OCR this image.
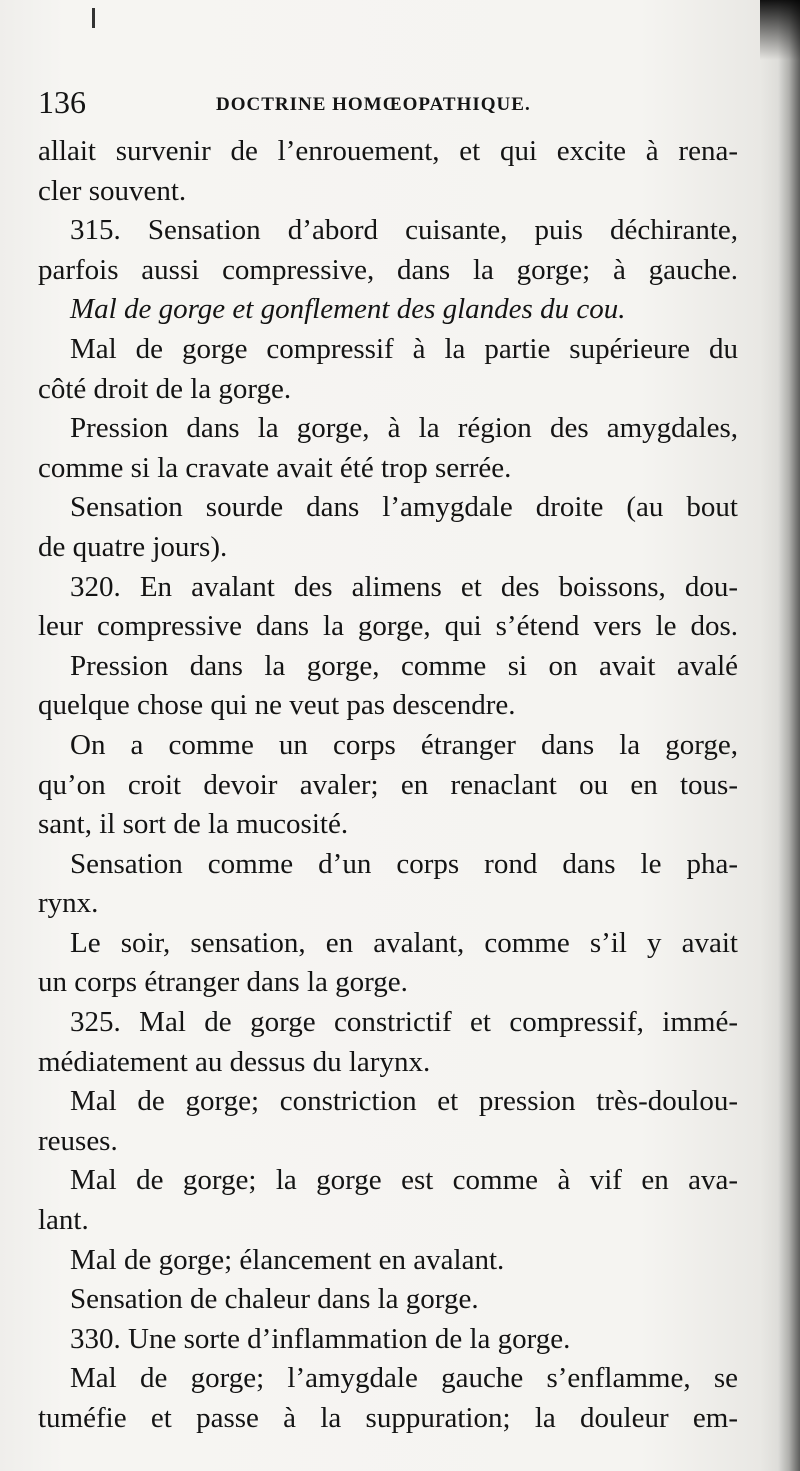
136	DOCTRINE HOMŒOPATHIQUE.
allait survenir de l’enrouement, et qui excite à rena-
cler souvent.
315. Sensation d’abord cuisante, puis déchirante,
parfois aussi compressive, dans la gorge; à gauche.
Mal de gorge et gonflement des glandes du cou.
Mal de gorge compressif à la partie supérieure du
côté droit de la gorge.
Pression dans la gorge, à la région des amygdales,
comme si la cravate avait été trop serrée.
Sensation sourde dans l’amygdale droite (au bout
de quatre jours).
320. En avalant des alimens et des boissons, dou-
leur compressive dans la gorge, qui s’étend vers le dos.
Pression dans la gorge, comme si on avait avalé
quelque chose qui ne veut pas descendre.
On a comme un corps étranger dans la gorge,
qu’on croit devoir avaler; en renaclant ou en tous-
sant, il sort de la mucosité.
Sensation comme d’un corps rond dans le pha-
rynx.
Le soir, sensation, en avalant, comme s’il y avait
un corps étranger dans la gorge.
325. Mal de gorge constrictif et compressif, immé-
médiatement au dessus du larynx.
Mal de gorge; constriction et pression très-doulou-
reuses.
Mal de gorge; la gorge est comme à vif en ava-
lant.
Mal de gorge; élancement en avalant.
Sensation de chaleur dans la gorge.
330. Une sorte d’inflammation de la gorge.
Mal de gorge; l’amygdale gauche s’enflamme, se
tuméfie et passe à la suppuration; la douleur em-
